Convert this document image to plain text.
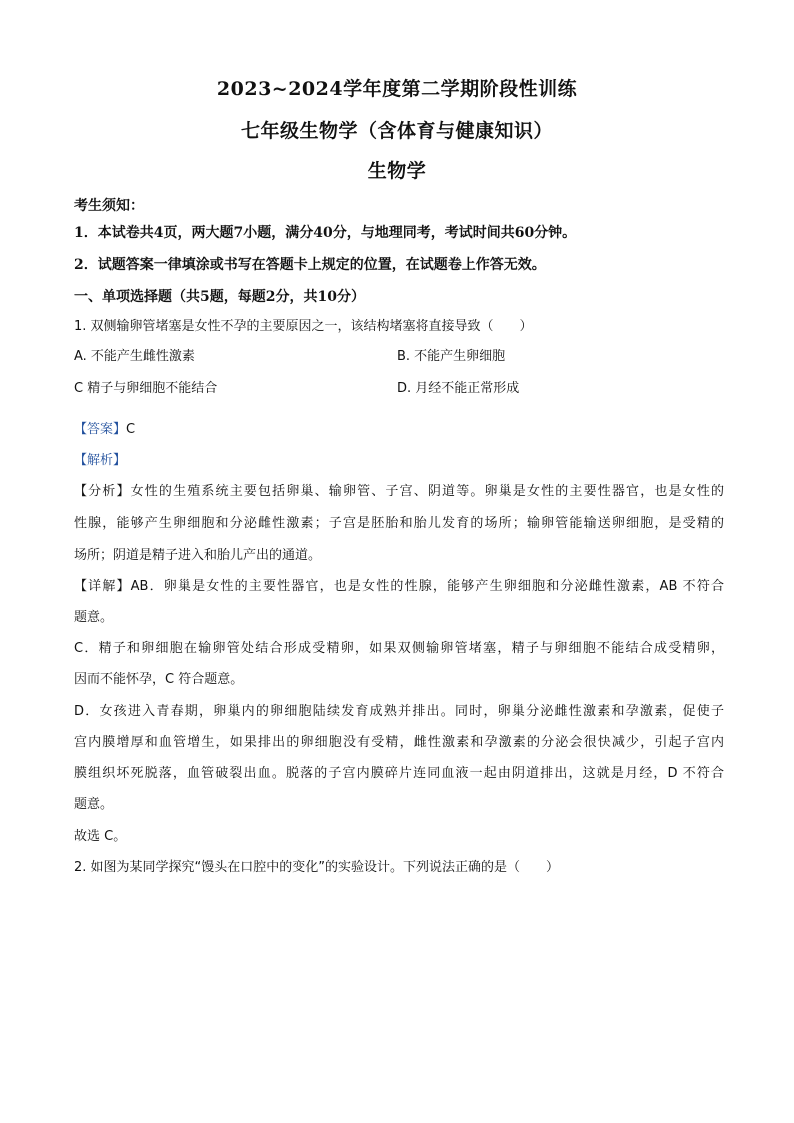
2023~2024学年度第二学期阶段性训练
七年级生物学（含体育与健康知识）
生物学
考生须知：
1．本试卷共4页，两大题7小题，满分40分，与地理同考，考试时间共60分钟。
2．试题答案一律填涂或书写在答题卡上规定的位置，在试题卷上作答无效。
一、单项选择题（共5题，每题2分，共10分）
1. 双侧输卵管堵塞是女性不孕的主要原因之一，该结构堵塞将直接导致（　　）
A. 不能产生雌性激素	B. 不能产生卵细胞
C 精子与卵细胞不能结合	D. 月经不能正常形成
【答案】C
【解析】
【分析】女性的生殖系统主要包括卵巢、输卵管、子宫、阴道等。卵巢是女性的主要性器官，也是女性的
性腺，能够产生卵细胞和分泌雌性激素；子宫是胚胎和胎儿发育的场所；输卵管能输送卵细胞，是受精的
场所；阴道是精子进入和胎儿产出的通道。
【详解】AB．卵巢是女性的主要性器官，也是女性的性腺，能够产生卵细胞和分泌雌性激素，AB 不符合
题意。
C．精子和卵细胞在输卵管处结合形成受精卵，如果双侧输卵管堵塞，精子与卵细胞不能结合成受精卵，
因而不能怀孕，C 符合题意。
D．女孩进入青春期，卵巢内的卵细胞陆续发育成熟并排出。同时，卵巢分泌雌性激素和孕激素，促使子
宫内膜增厚和血管增生，如果排出的卵细胞没有受精，雌性激素和孕激素的分泌会很快减少，引起子宫内
膜组织坏死脱落，血管破裂出血。脱落的子宫内膜碎片连同血液一起由阴道排出，这就是月经，D 不符合
题意。
故选 C。
2. 如图为某同学探究“馒头在口腔中的变化”的实验设计。下列说法正确的是（　　）
